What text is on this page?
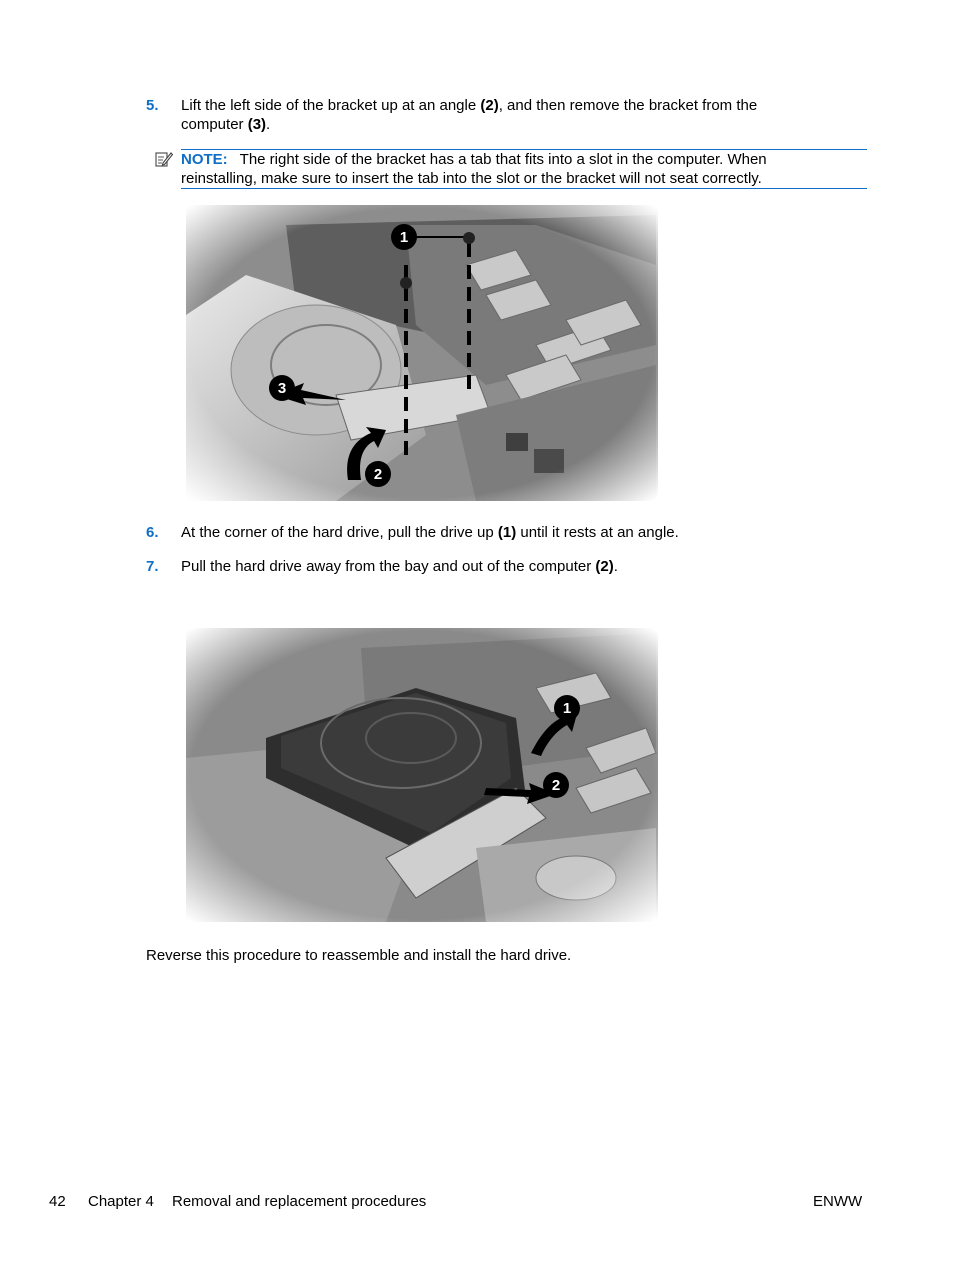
5. Lift the left side of the bracket up at an angle (2), and then remove the bracket from the
computer (3).
NOTE: The right side of the bracket has a tab that fits into a slot in the computer. When
reinstalling, make sure to insert the tab into the slot or the bracket will not seat correctly.
6. At the corner of the hard drive, pull the drive up (1) until it rests at an angle.
7. Pull the hard drive away from the bay and out of the computer (2).
Reverse this procedure to reassemble and install the hard drive.
42 Chapter 4 Removal and replacement procedures	ENWW
